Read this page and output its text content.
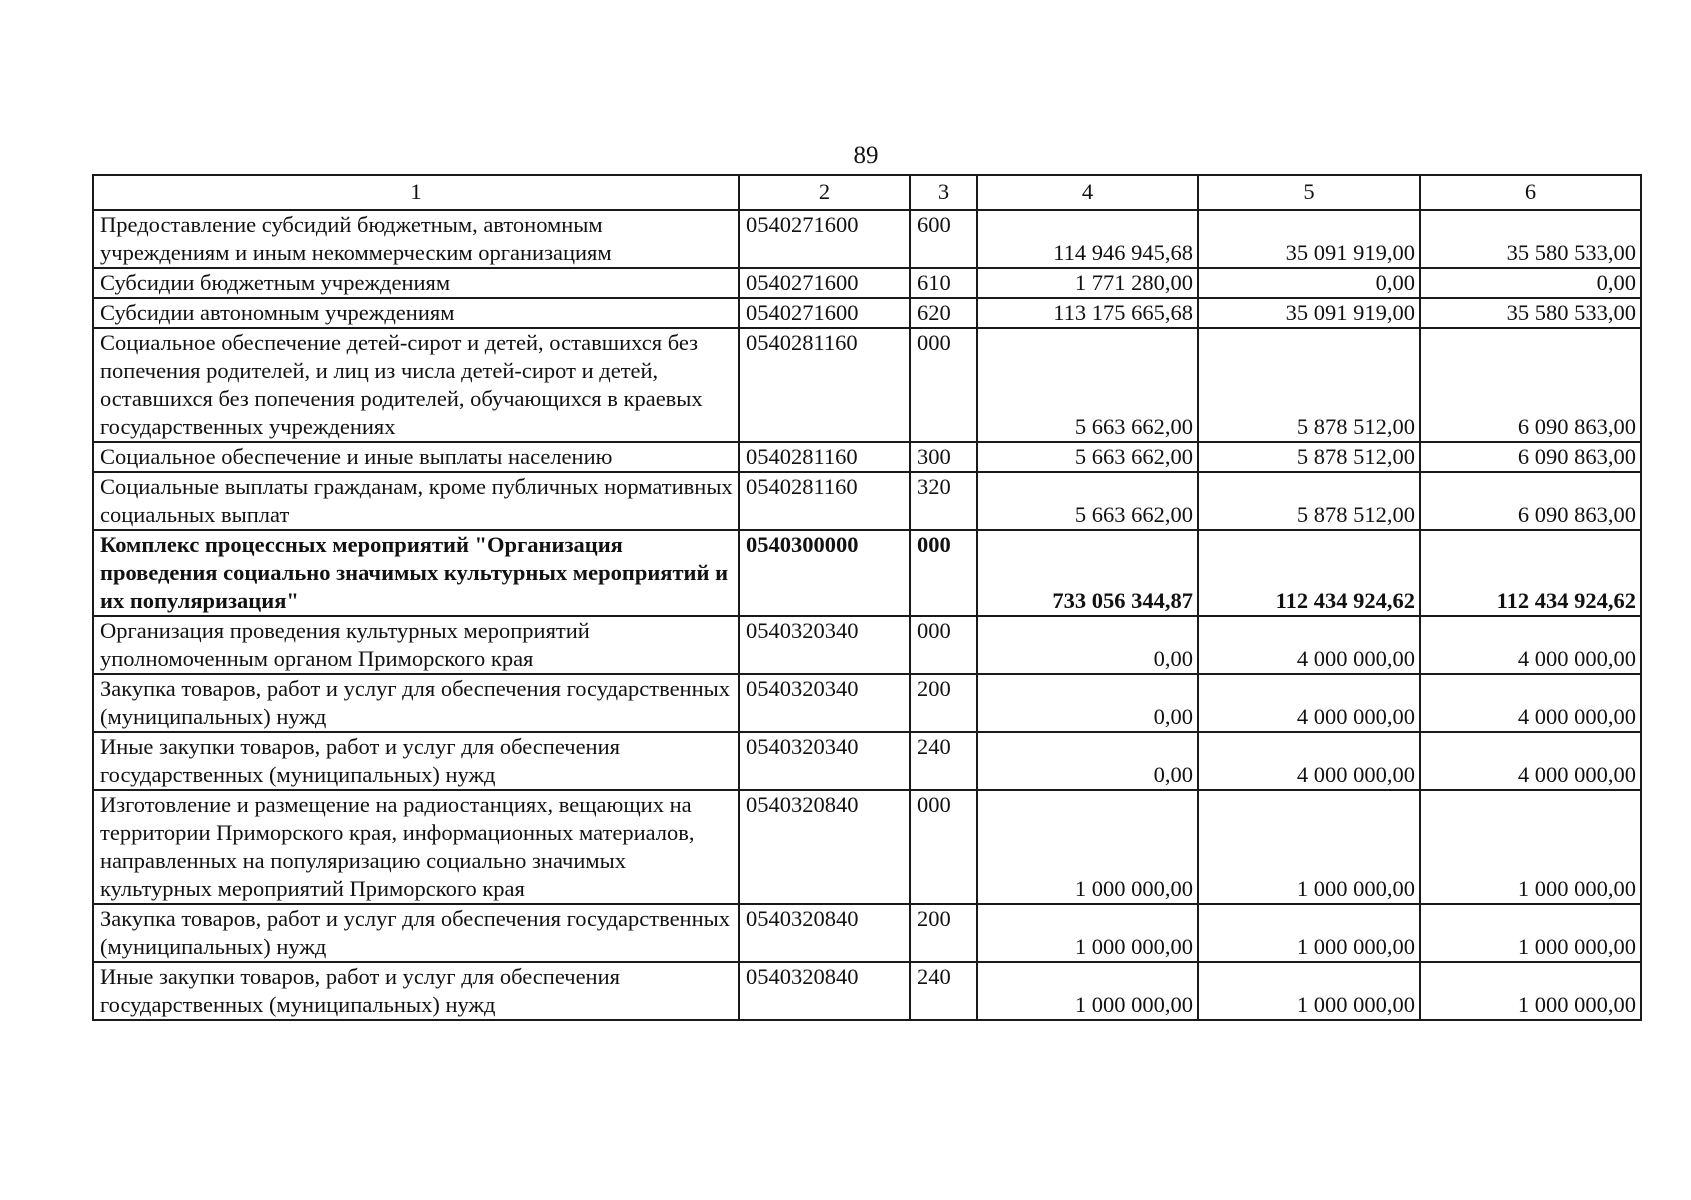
89
1	2	3	4	5	6
Предоставление субсидий бюджетным, автономным учреждениям и иным некоммерческим организациям	0540271600	600	114 946 945,68	35 091 919,00	35 580 533,00
Субсидии бюджетным учреждениям	0540271600	610	1 771 280,00	0,00	0,00
Субсидии автономным учреждениям	0540271600	620	113 175 665,68	35 091 919,00	35 580 533,00
Социальное обеспечение детей-сирот и детей, оставшихся без попечения родителей, и лиц из числа детей-сирот и детей, оставшихся без попечения родителей, обучающихся в краевых государственных учреждениях	0540281160	000	5 663 662,00	5 878 512,00	6 090 863,00
Социальное обеспечение и иные выплаты населению	0540281160	300	5 663 662,00	5 878 512,00	6 090 863,00
Социальные выплаты гражданам, кроме публичных нормативных социальных выплат	0540281160	320	5 663 662,00	5 878 512,00	6 090 863,00
Комплекс процессных мероприятий "Организация проведения социально значимых культурных мероприятий и их популяризация"	0540300000	000	733 056 344,87	112 434 924,62	112 434 924,62
Организация проведения культурных мероприятий уполномоченным органом Приморского края	0540320340	000	0,00	4 000 000,00	4 000 000,00
Закупка товаров, работ и услуг для обеспечения государственных (муниципальных) нужд	0540320340	200	0,00	4 000 000,00	4 000 000,00
Иные закупки товаров, работ и услуг для обеспечения государственных (муниципальных) нужд	0540320340	240	0,00	4 000 000,00	4 000 000,00
Изготовление и размещение на радиостанциях, вещающих на территории Приморского края, информационных материалов, направленных на популяризацию социально значимых культурных мероприятий Приморского края	0540320840	000	1 000 000,00	1 000 000,00	1 000 000,00
Закупка товаров, работ и услуг для обеспечения государственных (муниципальных) нужд	0540320840	200	1 000 000,00	1 000 000,00	1 000 000,00
Иные закупки товаров, работ и услуг для обеспечения государственных (муниципальных) нужд	0540320840	240	1 000 000,00	1 000 000,00	1 000 000,00
